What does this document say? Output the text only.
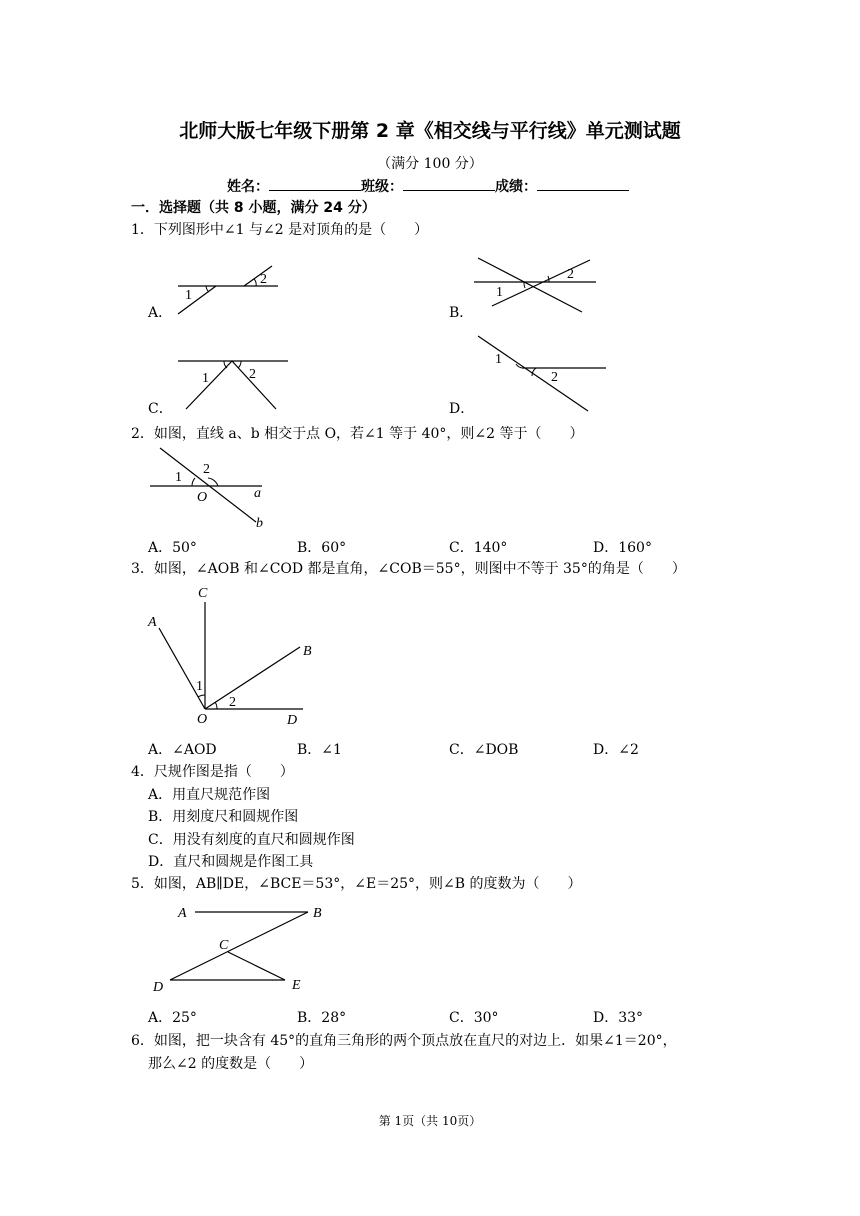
北师大版七年级下册第 2 章《相交线与平行线》单元测试题
（满分 100 分）
姓名：	班级：	成绩：
一．选择题（共 8 小题，满分 24 分）
1．下列图形中∠1 与∠2 是对顶角的是（　　）
1
2
A．
1
2
B．
1	2
C．
1
2
D．
2．如图，直线 a、b 相交于点 O，若∠1 等于 40°，则∠2 等于（　　）
1
2
O	a
b
A．50°	B．60°	C．140°	D．160°
3．如图，∠AOB 和∠COD 都是直角，∠COB＝55°，则图中不等于 35°的角是（　　）
C
A
B
D
O
1
2
A．∠AOD	B．∠1	C．∠DOB	D．∠2
4．尺规作图是指（　　）
A．用直尺规范作图
B．用刻度尺和圆规作图
C．用没有刻度的直尺和圆规作图
D．直尺和圆规是作图工具
5．如图，AB∥DE，∠BCE＝53°，∠E＝25°，则∠B 的度数为（　　）
A	B
C
D	E
A．25°	B．28°	C．30°	D．33°
6．如图，把一块含有 45°的直角三角形的两个顶点放在直尺的对边上．如果∠1＝20°，
那么∠2 的度数是（　　）
第 1页（共 10页）
